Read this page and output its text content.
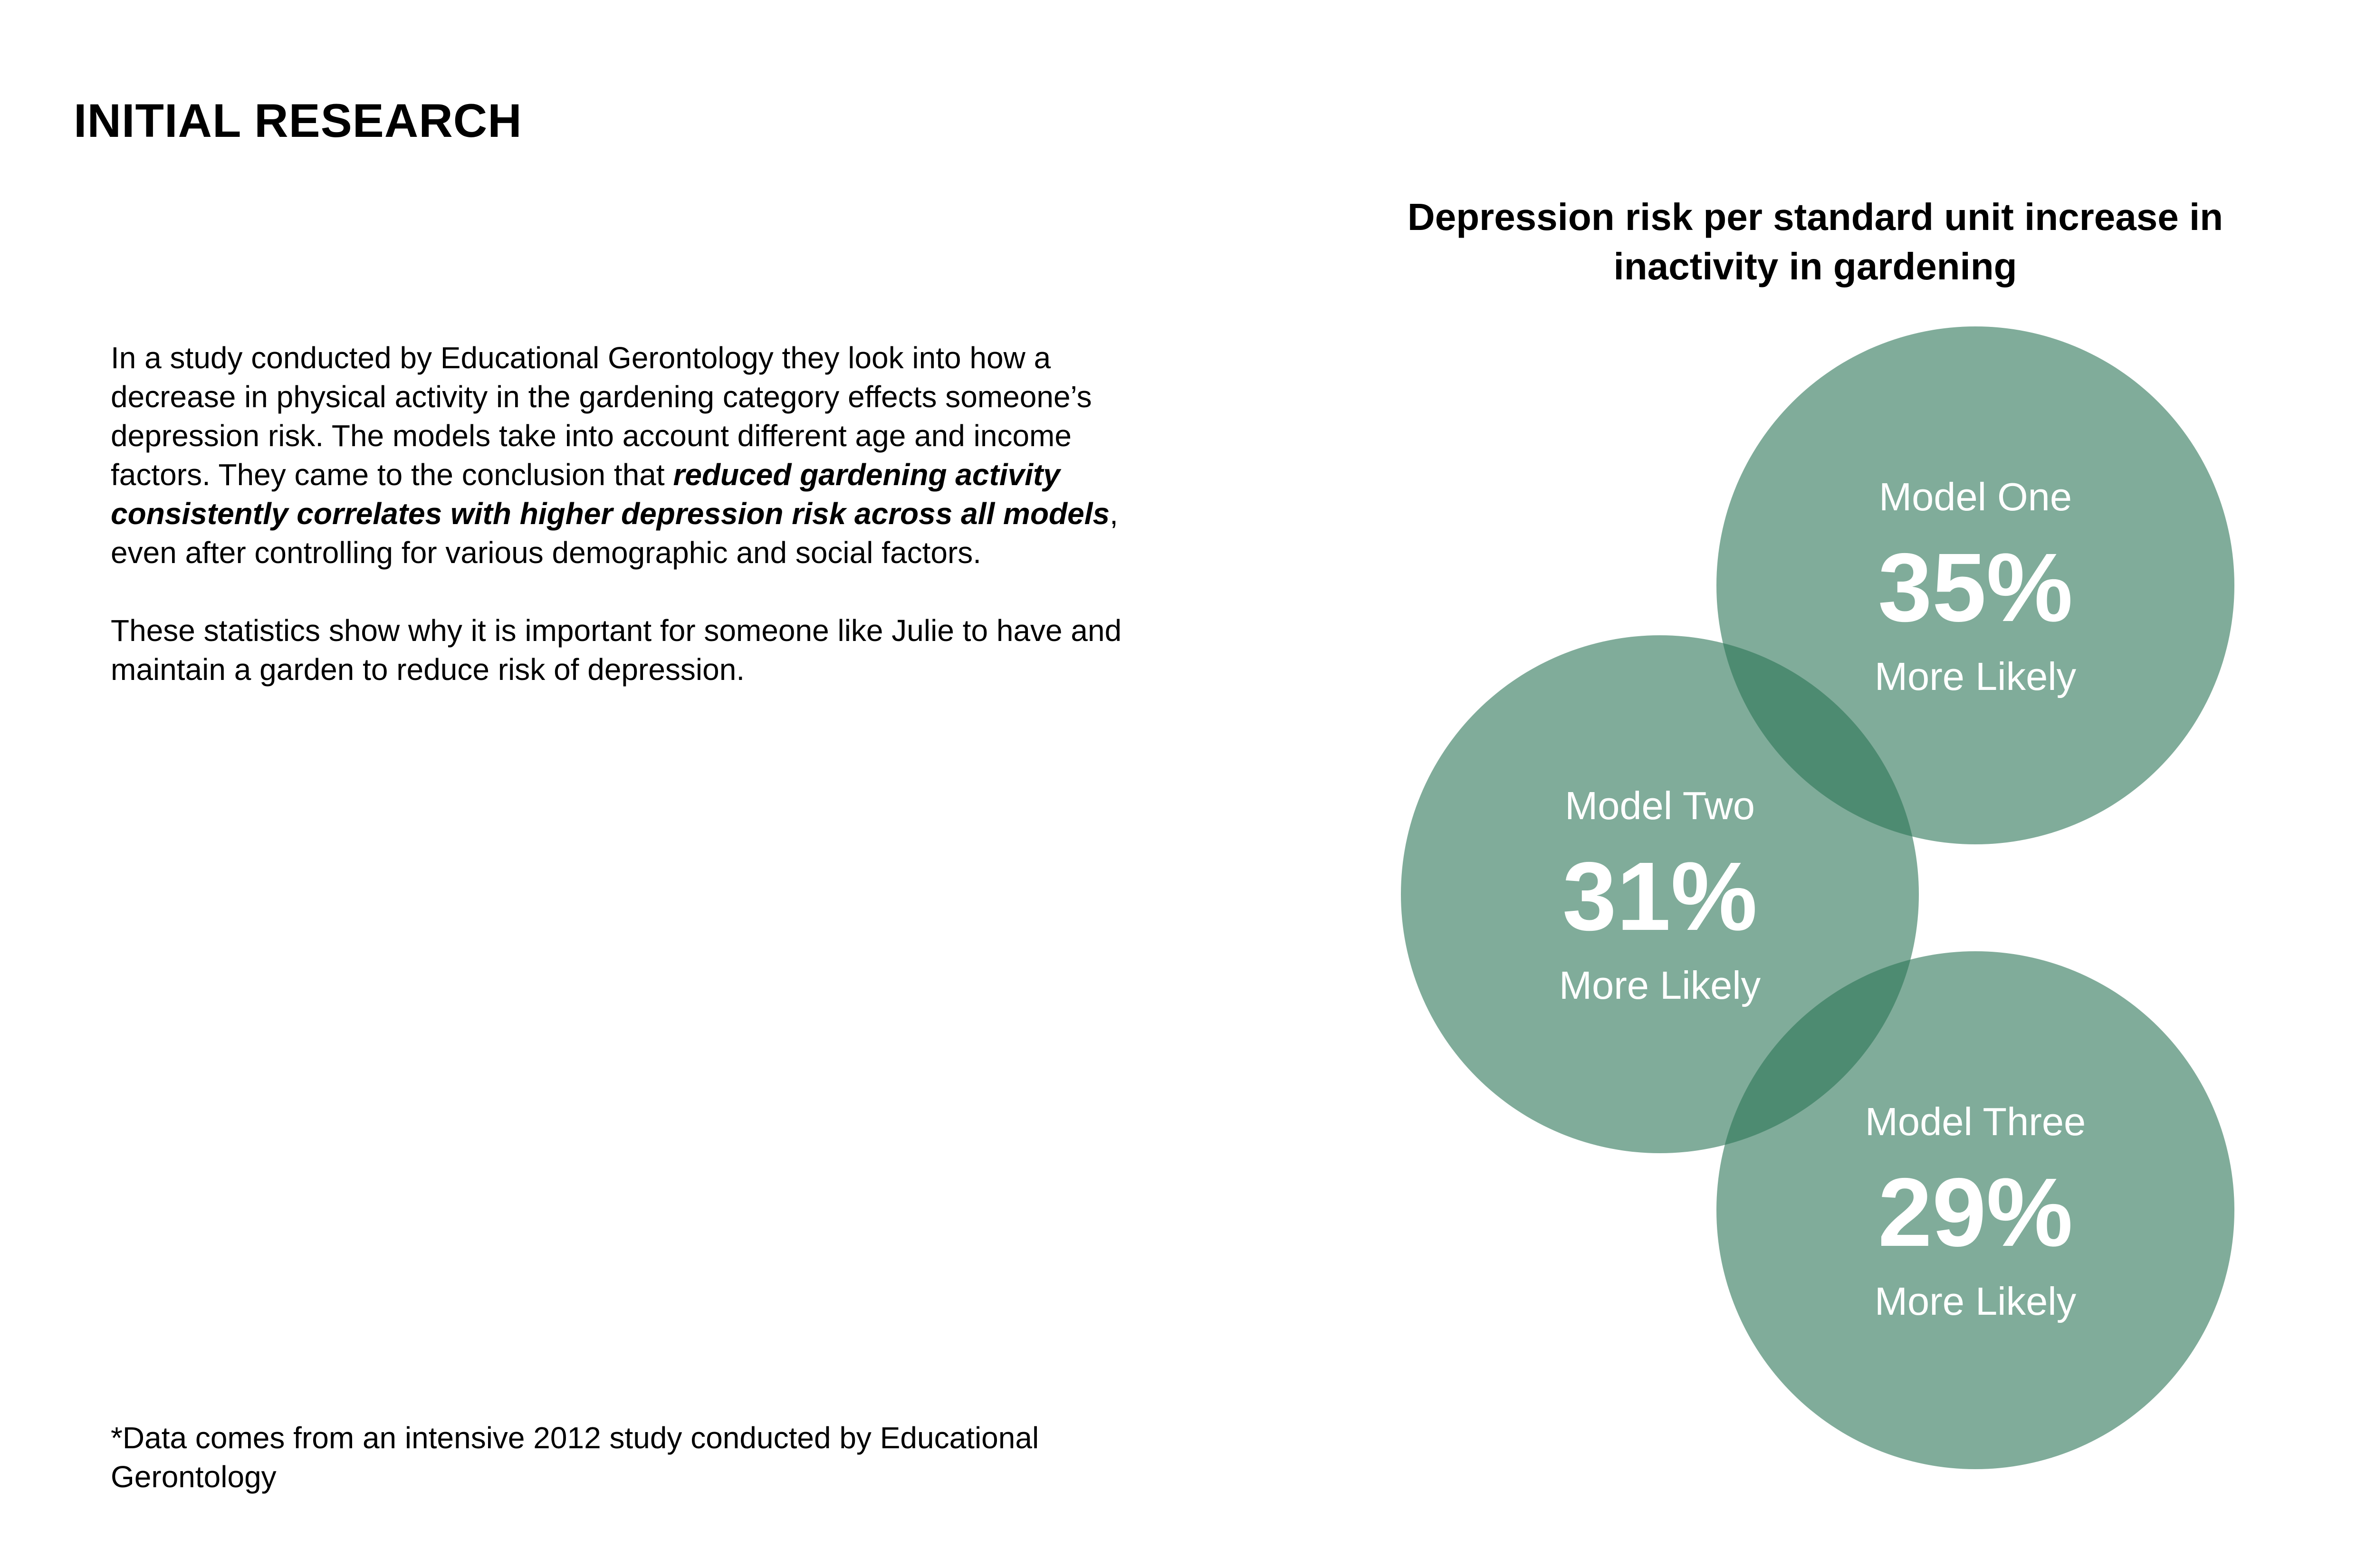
INITIAL RESEARCH

In a study conducted by Educational Gerontology they look into how a decrease in physical activity in the gardening category effects someone’s depression risk. The models take into account different age and income factors. They came to the conclusion that reduced gardening activity consistently correlates with higher depression risk across all models, even after controlling for various demographic and social factors.

These statistics show why it is important for someone like Julie to have and maintain a garden to reduce risk of depression.

*Data comes from an intensive 2012 study conducted by Educational Gerontology

Depression risk per standard unit increase in inactivity in gardening
Model One
35%
More Likely
Model Two
31%
More Likely
Model Three
29%
More Likely
